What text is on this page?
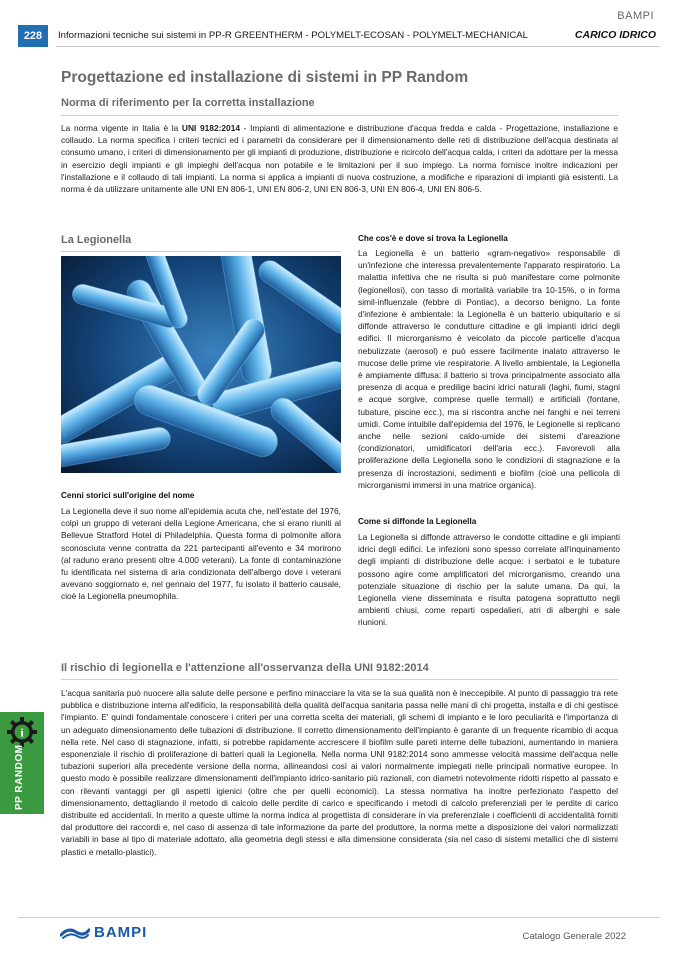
BAMPI
228	Informazioni tecniche sui sistemi in PP-R GREENTHERM - POLYMELT-ECOSAN - POLYMELT-MECHANICAL	CARICO IDRICO
Progettazione ed installazione di sistemi in PP Random
Norma di riferimento per la corretta installazione

La norma vigente in Italia è la UNI 9182:2014 - Impianti di alimentazione e distribuzione d'acqua fredda e calda - Progettazione, installazione e collaudo. La norma specifica i criteri tecnici ed i parametri da considerare per il dimensionamento delle reti di distribuzione dell'acqua destinata al consumo umano, i criteri di dimensionamento per gli impianti di produzione, distribuzione e ricircolo dell'acqua calda, i criteri da adottare per la messa in esercizio degli impianti e gli impieghi dell'acqua non potabile e le limitazioni per il suo impiego. La norma fornisce inoltre indicazioni per l'installazione e il collaudo di tali impianti. La norma si applica a impianti di nuova costruzione, a modifiche e riparazioni di impianti già esistenti. La norma è da utilizzare unitamente alle UNI EN 806-1, UNI EN 806-2, UNI EN 806-3, UNI EN 806-4, UNI EN 806-5.

La Legionella
Cenni storici sull'origine del nome

La Legionella deve il suo nome all'epidemia acuta che, nell'estate del 1976, colpì un gruppo di veterani della Legione Americana, che si erano riuniti al Bellevue Stratford Hotel di Philadelphia. Questa forma di polmonite allora sconosciuta venne contratta da 221 partecipanti all'evento e 34 morirono (al raduno erano presenti oltre 4.000 veterani). La fonte di contaminazione fu identificata nel sistema di aria condizionata dell'albergo dove i veterani avevano soggiornato e, nel gennaio del 1977, fu isolato il batterio causale, cioè la Legionella pneumophila.

Che cos'è e dove si trova la Legionella

La Legionella è un batterio «gram-negativo» responsabile di un'infezione che interessa prevalentemente l'apparato respiratorio. La malattia infettiva che ne risulta si può manifestare come polmonite (legionellosi), con tasso di mortalità variabile tra 10-15%, o in forma simil-influenzale (febbre di Pontiac), a decorso benigno. La fonte d'infezione è ambientale: la Legionella è un batterio ubiquitario e si diffonde attraverso le condutture cittadine e gli impianti idrici degli edifici. Il microrganismo è veicolato da piccole particelle d'acqua nebulizzate (aerosol) e può essere facilmente inalato attraverso le mucose delle prime vie respiratorie. A livello ambientale, la Legionella è ampiamente diffusa: il batterio si trova principalmente associato alla presenza di acqua e predilige bacini idrici naturali (laghi, fiumi, stagni e acque sorgive, comprese quelle termali) e artificiali (fontane, tubature, piscine ecc.), ma si riscontra anche nei fanghi e nei terreni umidi. Come intuibile dall'epidemia del 1976, le Legionelle si replicano anche nelle sezioni caldo-umide dei sistemi d'areazione (condizionatori, umidificatori dell'aria ecc.). Favorevoli alla proliferazione della Legionella sono le condizioni di stagnazione e la presenza di incrostazioni, sedimenti e biofilm (cioè una pellicola di microrganismi immersi in una matrice organica).

Come si diffonde la Legionella

La Legionella si diffonde attraverso le condotte cittadine e gli impianti idrici degli edifici. Le infezioni sono spesso correlate all'inquinamento degli impianti di distribuzione delle acque: i serbatoi e le tubature possono agire come amplificatori del microrganismo, creando una potenziale situazione di rischio per la salute umana. Da qui, la Legionella viene disseminata e risulta patogena soprattutto negli ambienti chiusi, come reparti ospedalieri, atri di alberghi e sale riunioni.

Il rischio di legionella e l'attenzione all'osservanza della UNI 9182:2014

L'acqua sanitaria può nuocere alla salute delle persone e perfino minacciare la vita se la sua qualità non è ineccepibile. Al punto di passaggio tra rete pubblica e distribuzione interna all'edificio, la responsabilità della qualità dell'acqua sanitaria passa nelle mani di chi progetta, installa e di chi gestisce l'impianto. E' quindi fondamentale conoscere i criteri per una corretta scelta dei materiali, gli schemi di impianto e le loro peculiarità e l'importanza di un adeguato dimensionamento delle tubazioni di distribuzione. Il corretto dimensionamento dell'impianto è garante di un frequente ricambio di acqua nella rete. Nel caso di stagnazione, infatti, si potrebbe rapidamente accrescere il biofilm sulle pareti interne delle tubazioni, aumentando in maniera esponenziale il rischio di proliferazione di batteri quali la Legionella. Nella norma UNI 9182:2014 sono ammesse velocità massime dell'acqua nelle tubazioni superiori alla precedente versione della norma, allineandosi così ai valori normalmente impiegati nelle principali normative europee. In questo modo è possibile realizzare dimensionamenti dell'impianto idrico-sanitario più razionali, con diametri notevolmente ridotti rispetto al passato e con rilevanti vantaggi per gli aspetti igienici (oltre che per quelli economici). La stessa normativa ha inoltre perfezionato l'aspetto del dimensionamento, dettagliando il metodo di calcolo delle perdite di carico e specificando i metodi di calcolo preferenziali per le perdite di carico distribuite ed accidentali. In merito a queste ultime la norma indica al progettista di considerare in via preferenziale i coefficienti di accidentalità forniti dal produttore dei raccordi e, nel caso di assenza di tale informazione da parte del produttore, la norma mette a disposizione dei valori normalizzati variabili in base al tipo di materiale adottato, alla geometria degli stessi e alla dimensione considerata (sia nel caso di sistemi metallici che di sistemi plastici e metallo-plastici).

i
PP RANDOM
BAMPI	Catalogo Generale 2022
